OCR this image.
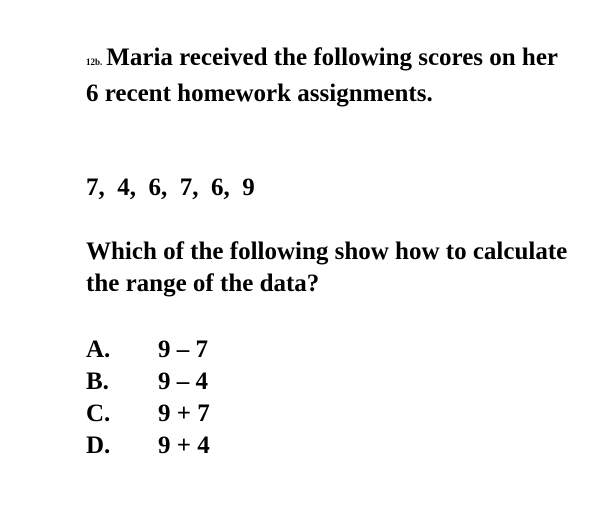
12b. Maria received the following scores on her 6 recent homework assignments.
7,  4,  6,  7,  6,  9
Which of the following show how to calculate the range of the data?
A.	9 – 7
B.	9 – 4
C.	9 + 7
D.	9 + 4
